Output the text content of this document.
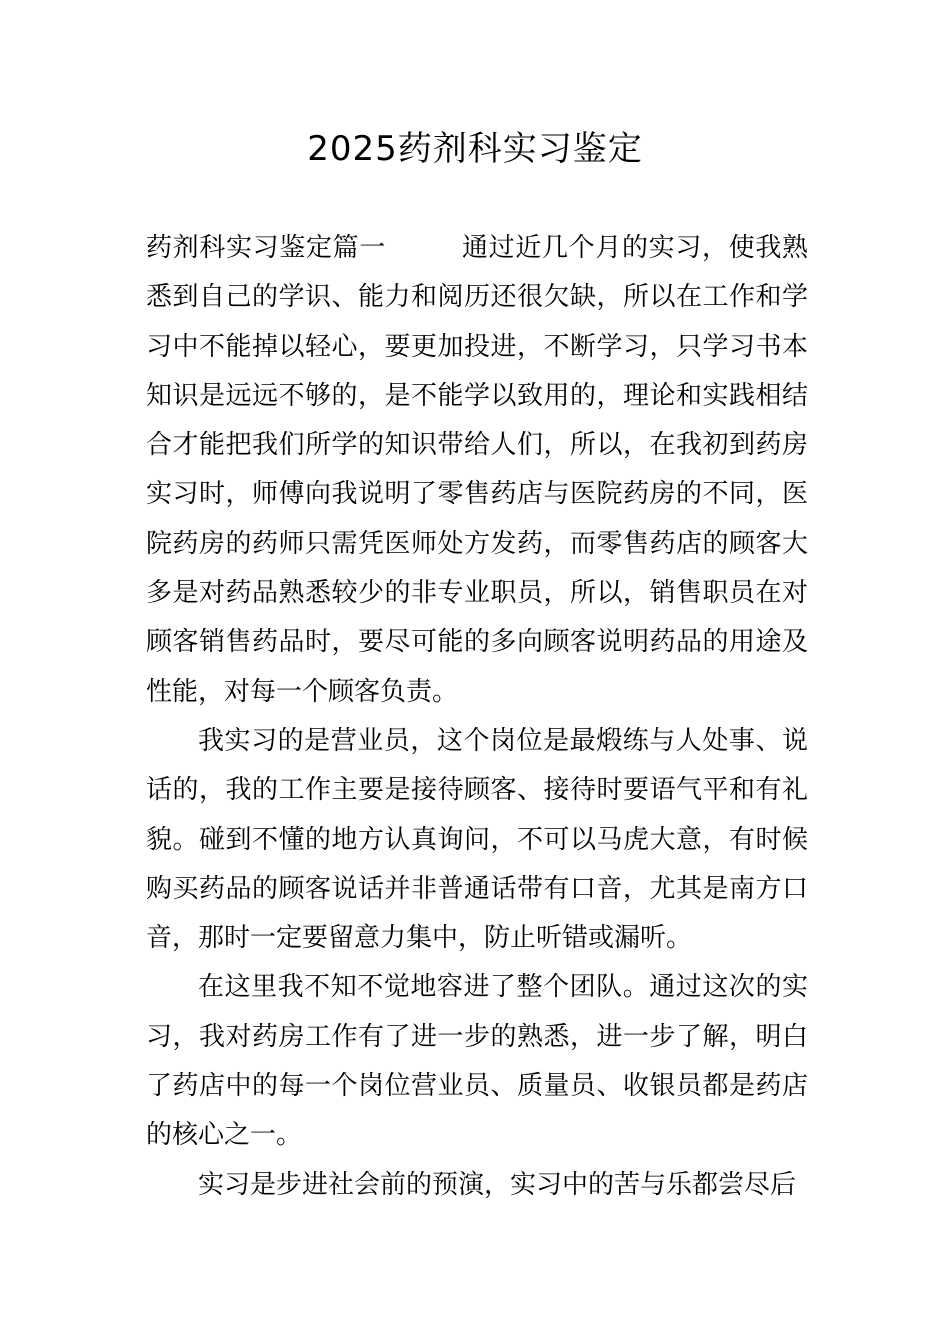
2025药剂科实习鉴定

药剂科实习鉴定篇一	通过近几个月的实习，使我熟悉到自己的学识、能力和阅历还很欠缺，所以在工作和学习中不能掉以轻心，要更加投进，不断学习，只学习书本知识是远远不够的，是不能学以致用的，理论和实践相结合才能把我们所学的知识带给人们，所以，在我初到药房实习时，师傅向我说明了零售药店与医院药房的不同，医院药房的药师只需凭医师处方发药，而零售药店的顾客大多是对药品熟悉较少的非专业职员，所以，销售职员在对顾客销售药品时，要尽可能的多向顾客说明药品的用途及性能，对每一个顾客负责。

我实习的是营业员，这个岗位是最煅练与人处事、说话的，我的工作主要是接待顾客、接待时要语气平和有礼貌。碰到不懂的地方认真询问，不可以马虎大意，有时候购买药品的顾客说话并非普通话带有口音，尤其是南方口音，那时一定要留意力集中，防止听错或漏听。

在这里我不知不觉地容进了整个团队。通过这次的实习，我对药房工作有了进一步的熟悉，进一步了解，明白了药店中的每一个岗位营业员、质量员、收银员都是药店的核心之一。

实习是步进社会前的预演，实习中的苦与乐都尝尽后
